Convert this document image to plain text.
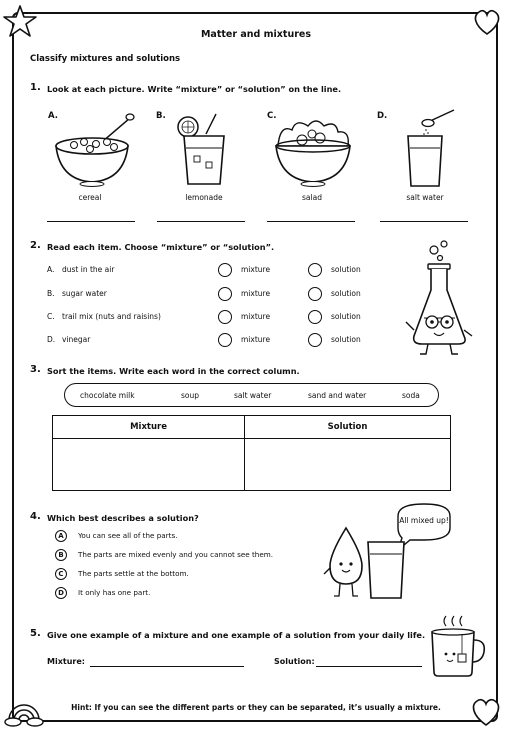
Matter and mixtures
Classify mixtures and solutions
1. Look at each picture. Write “mixture” or “solution” on the line.
A.	B.	C.	D.
cereal	lemonade	salad	salt water
2. Read each item. Choose “mixture” or “solution”.
A. dust in the air	mixture	solution
B. sugar water	mixture	solution
C. trail mix (nuts and raisins)	mixture	solution
D. vinegar	mixture	solution
3. Sort the items. Write each word in the correct column.
chocolate milk	soup	salt water	sand and water	soda
Mixture	Solution

4. Which best describes a solution?
A	You can see all of the parts.
B	The parts are mixed evenly and you cannot see them.
C	The parts settle at the bottom.
D	It only has one part.
All mixed up!
5. Give one example of a mixture and one example of a solution from your daily life.
Mixture:	Solution:
Hint: If you can see the different parts or they can be separated, it’s usually a mixture.
